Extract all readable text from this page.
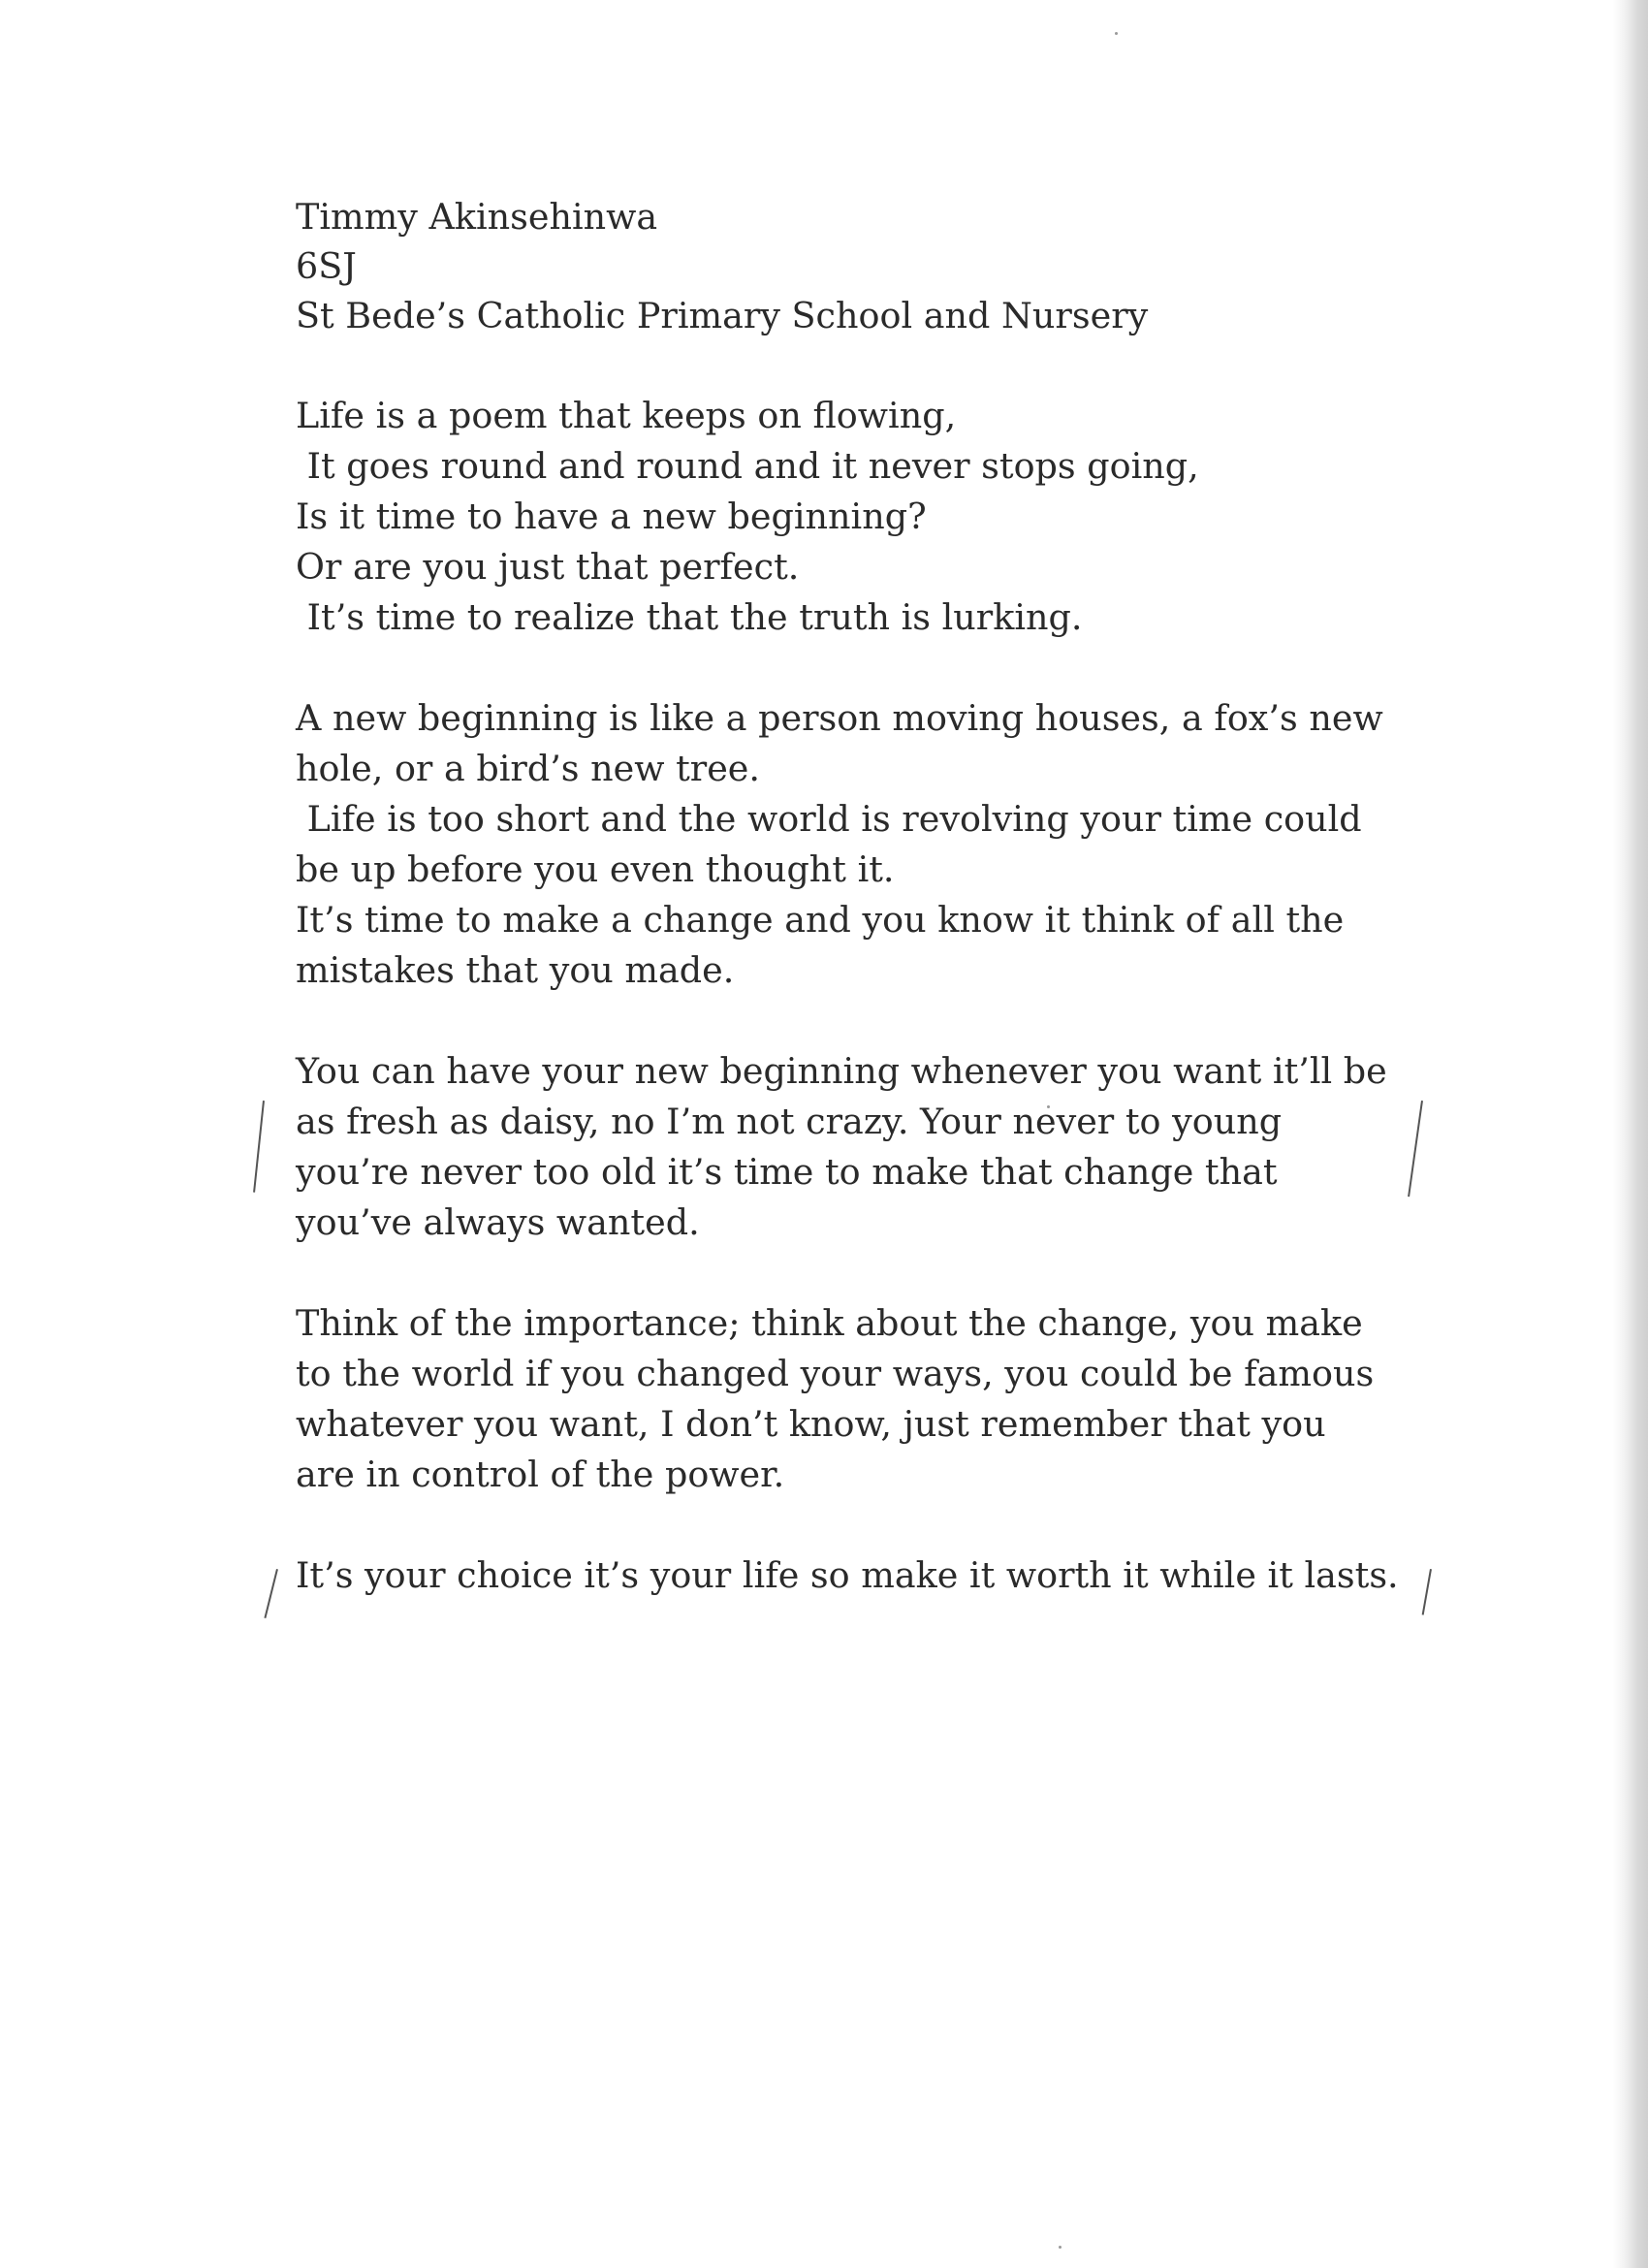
Timmy Akinsehinwa
6SJ
St Bede’s Catholic Primary School and Nursery
Life is a poem that keeps on flowing,
It goes round and round and it never stops going,
Is it time to have a new beginning?
Or are you just that perfect.
It’s time to realize that the truth is lurking.
A new beginning is like a person moving houses, a fox’s new
hole, or a bird’s new tree.
Life is too short and the world is revolving your time could
be up before you even thought it.
It’s time to make a change and you know it think of all the
mistakes that you made.
You can have your new beginning whenever you want it’ll be
as fresh as daisy, no I’m not crazy. Your never to young
you’re never too old it’s time to make that change that
you’ve always wanted.
Think of the importance; think about the change, you make
to the world if you changed your ways, you could be famous
whatever you want, I don’t know, just remember that you
are in control of the power.
It’s your choice it’s your life so make it worth it while it lasts.
